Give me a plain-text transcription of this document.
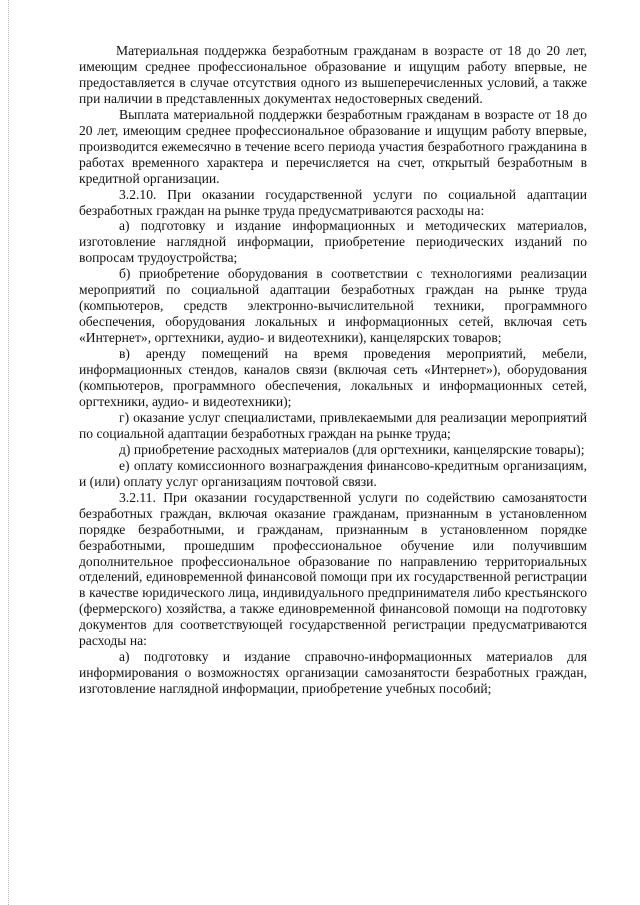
Материальная поддержка безработным гражданам в возрасте от 18 до 20 лет, имеющим среднее профессиональное образование и ищущим работу впервые, не предоставляется в случае отсутствия одного из вышеперечисленных условий, а также при наличии в представленных документах недостоверных сведений.

Выплата материальной поддержки безработным гражданам в возрасте от 18 до 20 лет, имеющим среднее профессиональное образование и ищущим работу впервые, производится ежемесячно в течение всего периода участия безработного гражданина в работах временного характера и перечисляется на счет, открытый безработным в кредитной организации.

3.2.10. При оказании государственной услуги по социальной адаптации безработных граждан на рынке труда предусматриваются расходы на:

а) подготовку и издание информационных и методических материалов, изготовление наглядной информации, приобретение периодических изданий по вопросам трудоустройства;

б) приобретение оборудования в соответствии с технологиями реализации мероприятий по социальной адаптации безработных граждан на рынке труда (компьютеров, средств электронно-вычислительной техники, программного обеспечения, оборудования локальных и информационных сетей, включая сеть «Интернет», оргтехники, аудио- и видеотехники), канцелярских товаров;

в) аренду помещений на время проведения мероприятий, мебели, информационных стендов, каналов связи (включая сеть «Интернет»), оборудования (компьютеров, программного обеспечения, локальных и информационных сетей, оргтехники, аудио- и видеотехники);

г) оказание услуг специалистами, привлекаемыми для реализации мероприятий по социальной адаптации безработных граждан на рынке труда;

д) приобретение расходных материалов (для оргтехники, канцелярские товары);

е) оплату комиссионного вознаграждения финансово-кредитным организациям, и (или) оплату услуг организациям почтовой связи.

3.2.11. При оказании государственной услуги по содействию самозанятости безработных граждан, включая оказание гражданам, признанным в установленном порядке безработными, и гражданам, признанным в установленном порядке безработными, прошедшим профессиональное обучение или получившим дополнительное профессиональное образование по направлению территориальных отделений, единовременной финансовой помощи при их государственной регистрации в качестве юридического лица, индивидуального предпринимателя либо крестьянского (фермерского) хозяйства, а также единовременной финансовой помощи на подготовку документов для соответствующей государственной регистрации предусматриваются расходы на:

а) подготовку и издание справочно-информационных материалов для информирования о возможностях организации самозанятости безработных граждан, изготовление наглядной информации, приобретение учебных пособий;
